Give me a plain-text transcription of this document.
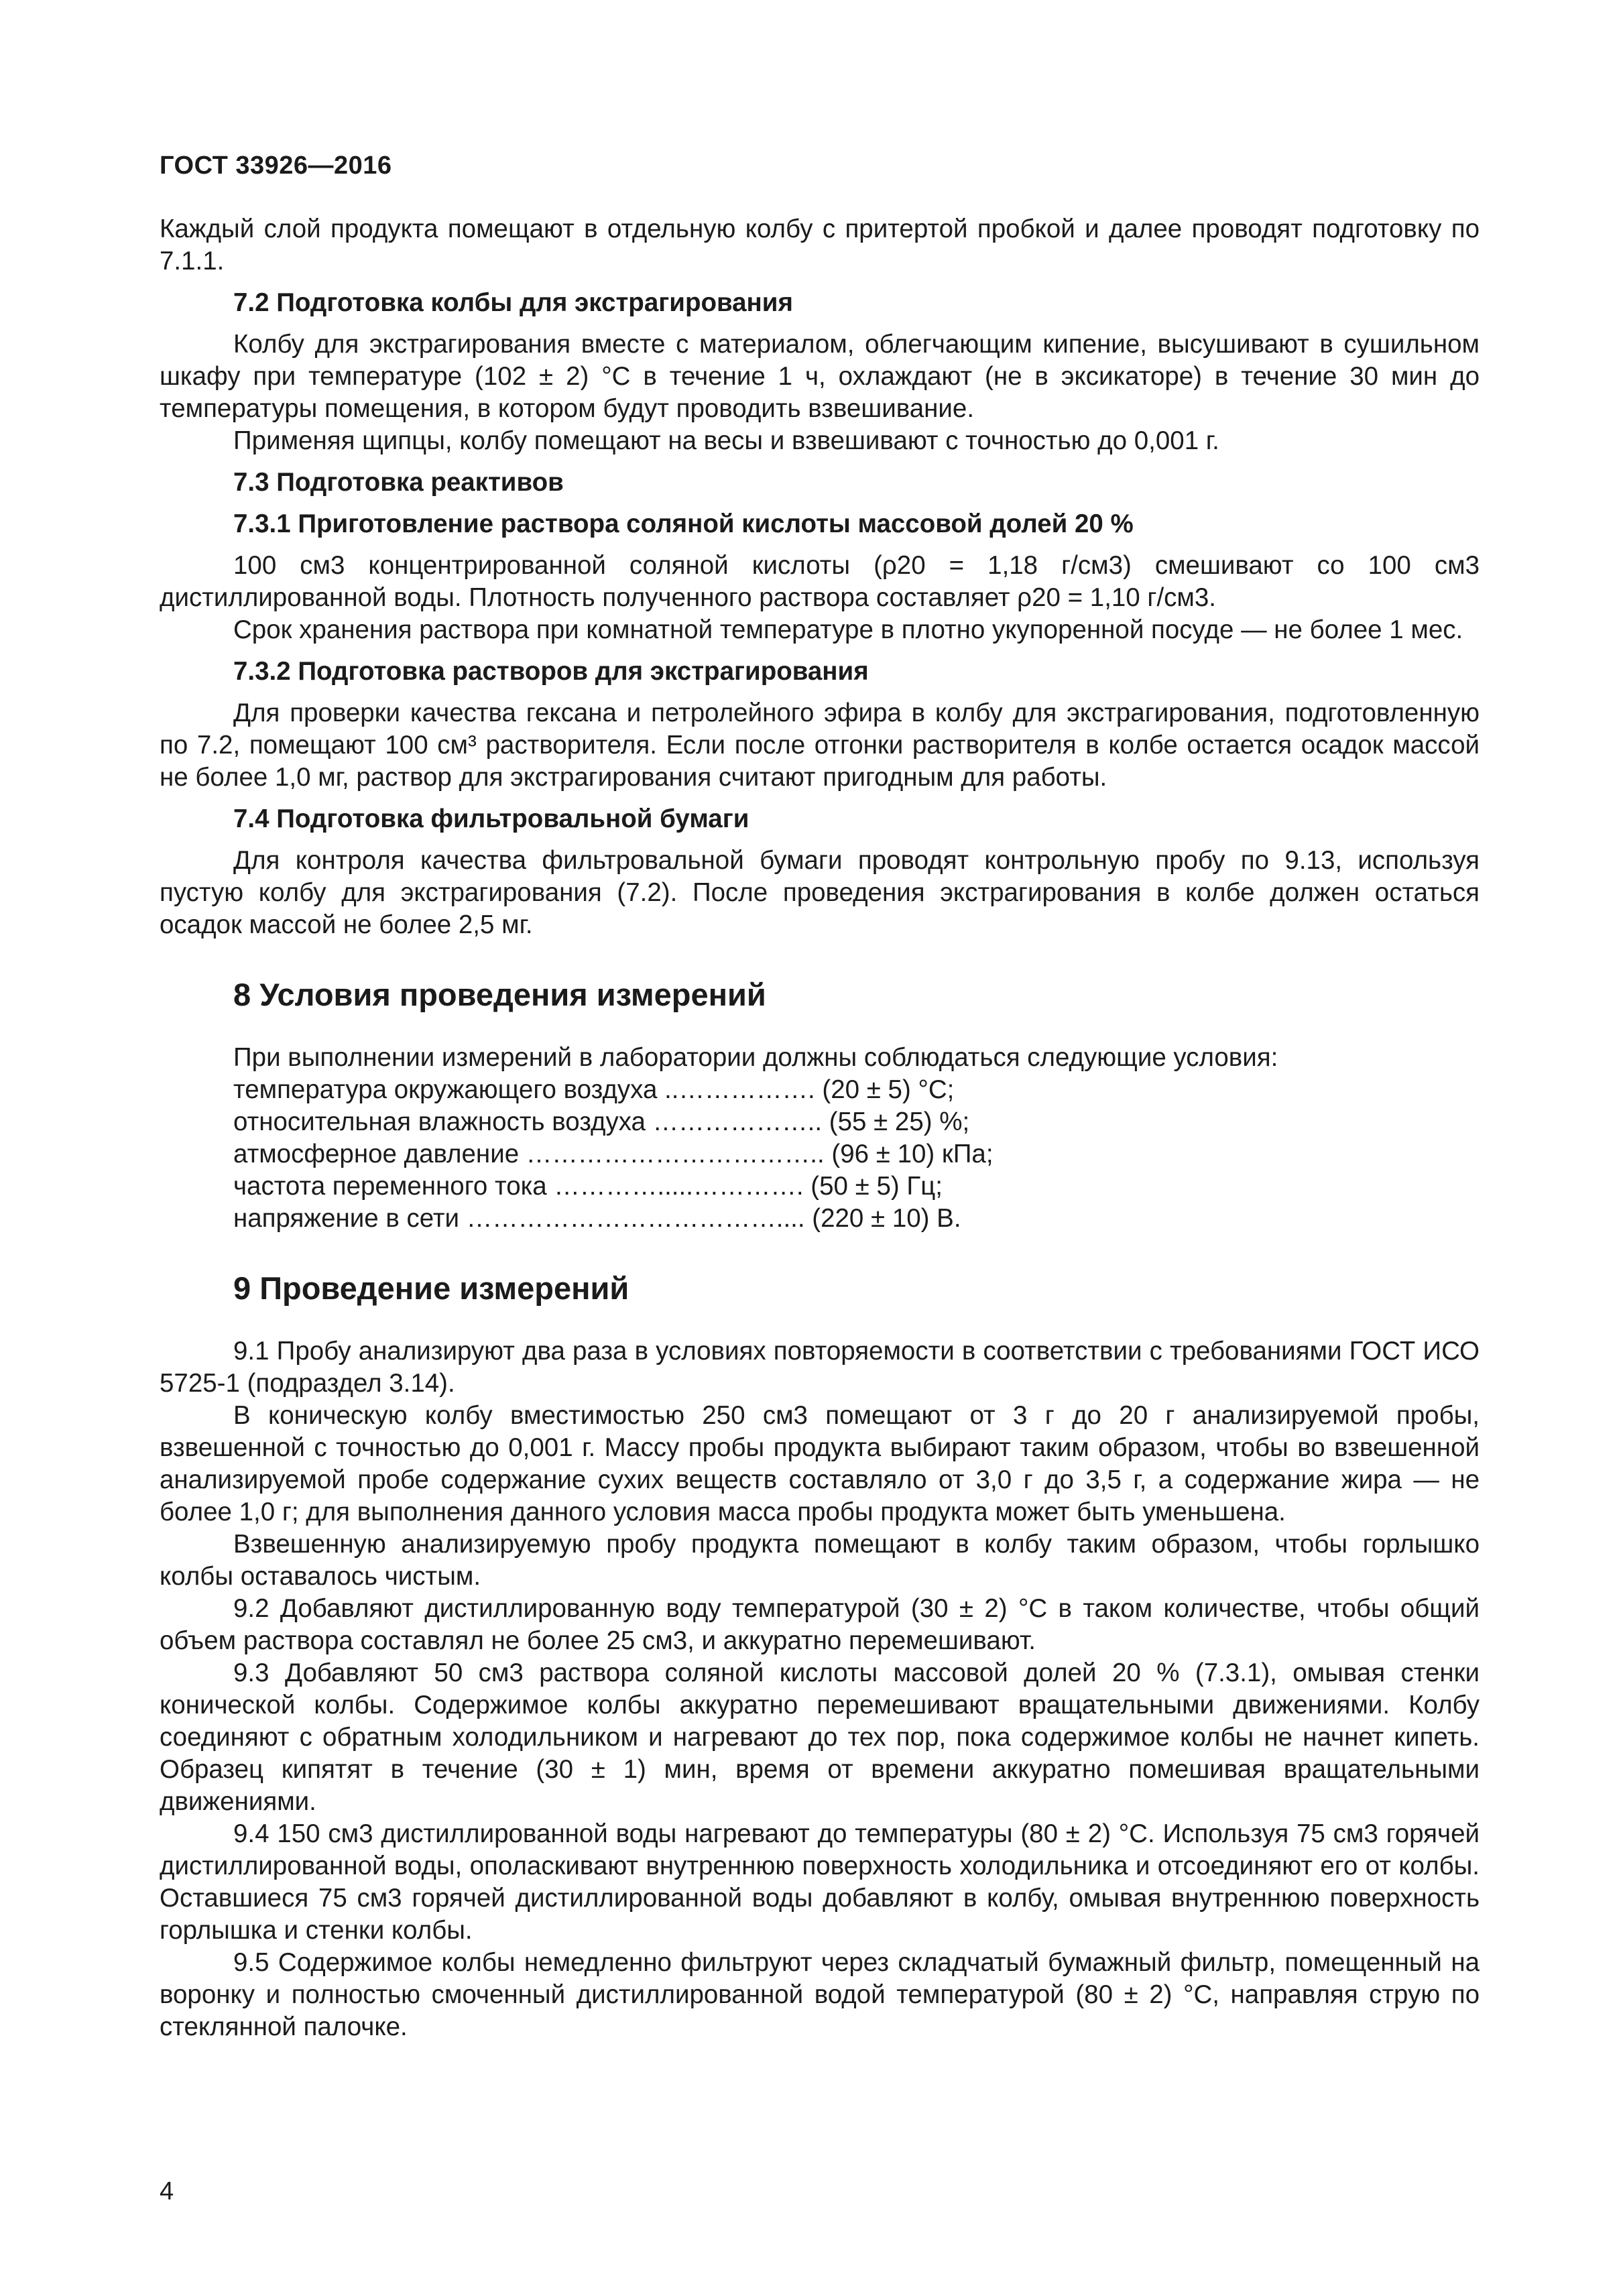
ГОСТ 33926—2016

Каждый слой продукта помещают в отдельную колбу с притертой пробкой и далее проводят подготовку по 7.1.1.

7.2 Подготовка колбы для экстрагирования

Колбу для экстрагирования вместе с материалом, облегчающим кипение, высушивают в сушильном шкафу при температуре (102 ± 2) °С в течение 1 ч, охлаждают (не в эксикаторе) в течение 30 мин до температуры помещения, в котором будут проводить взвешивание.

Применяя щипцы, колбу помещают на весы и взвешивают с точностью до 0,001 г.

7.3 Подготовка реактивов
7.3.1 Приготовление раствора соляной кислоты массовой долей 20 %

100 см3 концентрированной соляной кислоты (ρ20 = 1,18 г/см3) смешивают со 100 см3 дистиллированной воды. Плотность полученного раствора составляет ρ20 = 1,10 г/см3.

Срок хранения раствора при комнатной температуре в плотно укупоренной посуде — не более 1 мес.

7.3.2 Подготовка растворов для экстрагирования

Для проверки качества гексана и петролейного эфира в колбу для экстрагирования, подготовленную по 7.2, помещают 100 см³ растворителя. Если после отгонки растворителя в колбе остается осадок массой не более 1,0 мг, раствор для экстрагирования считают пригодным для работы.

7.4 Подготовка фильтровальной бумаги

Для контроля качества фильтровальной бумаги проводят контрольную пробу по 9.13, используя пустую колбу для экстрагирования (7.2). После проведения экстрагирования в колбе должен остаться осадок массой не более 2,5 мг.

8 Условия проведения измерений

При выполнении измерений в лаборатории должны соблюдаться следующие условия:

температура окружающего воздуха ..……………. (20 ± 5) °С;

относительная влажность воздуха ……………….. (55 ± 25) %;

атмосферное давление …………………………….. (96 ± 10) кПа;

частота переменного тока ………….....…………. (50 ± 5) Гц;

напряжение в сети ……………………………….... (220 ± 10) В.

9 Проведение измерений

9.1 Пробу анализируют два раза в условиях повторяемости в соответствии с требованиями ГОСТ ИСО 5725-1 (подраздел 3.14).

В коническую колбу вместимостью 250 см3 помещают от 3 г до 20 г анализируемой пробы, взвешенной с точностью до 0,001 г. Массу пробы продукта выбирают таким образом, чтобы во взвешенной анализируемой пробе содержание сухих веществ составляло от 3,0 г до 3,5 г, а содержание жира — не более 1,0 г; для выполнения данного условия масса пробы продукта может быть уменьшена.

Взвешенную анализируемую пробу продукта помещают в колбу таким образом, чтобы горлышко колбы оставалось чистым.

9.2 Добавляют дистиллированную воду температурой (30 ± 2) °С в таком количестве, чтобы общий объем раствора составлял не более 25 см3, и аккуратно перемешивают.

9.3 Добавляют 50 см3 раствора соляной кислоты массовой долей 20 % (7.3.1), омывая стенки конической колбы. Содержимое колбы аккуратно перемешивают вращательными движениями. Колбу соединяют с обратным холодильником и нагревают до тех пор, пока содержимое колбы не начнет кипеть. Образец кипятят в течение (30 ± 1) мин, время от времени аккуратно помешивая вращательными движениями.

9.4 150 см3 дистиллированной воды нагревают до температуры (80 ± 2) °С. Используя 75 см3 горячей дистиллированной воды, ополаскивают внутреннюю поверхность холодильника и отсоединяют его от колбы. Оставшиеся 75 см3 горячей дистиллированной воды добавляют в колбу, омывая внутреннюю поверхность горлышка и стенки колбы.

9.5 Содержимое колбы немедленно фильтруют через складчатый бумажный фильтр, помещенный на воронку и полностью смоченный дистиллированной водой температурой (80 ± 2) °С, направляя струю по стеклянной палочке.

4
